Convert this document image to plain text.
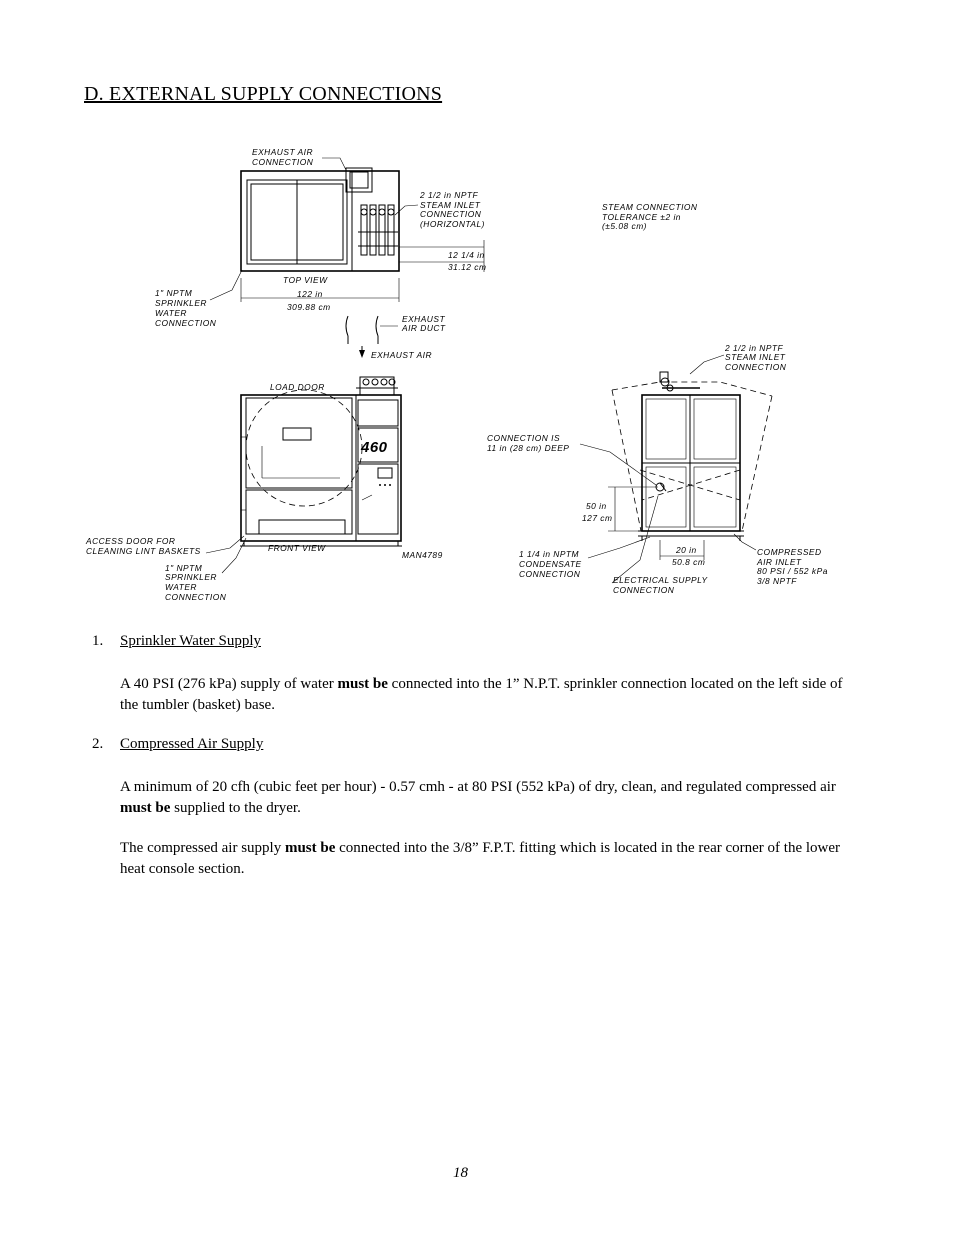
D. EXTERNAL SUPPLY CONNECTIONS
EXHAUST AIR
CONNECTION
2 1/2 in NPTF
STEAM INLET
CONNECTION
(HORIZONTAL)
12 1/4 in
31.12 cm
STEAM CONNECTION
TOLERANCE ±2 in
(±5.08 cm)
1" NPTM
SPRINKLER
WATER
CONNECTION
TOP VIEW
122 in
309.88 cm
EXHAUST
AIR DUCT
EXHAUST AIR
LOAD DOOR
460
ACCESS DOOR FOR
CLEANING LINT BASKETS	FRONT VIEW
MAN4789
1" NPTM
SPRINKLER
WATER
CONNECTION
2 1/2 in NPTF
STEAM INLET
CONNECTION
CONNECTION IS
11 in (28 cm) DEEP
50 in
127 cm
20 in
50.8 cm
1 1/4 in NPTM
CONDENSATE
CONNECTION
ELECTRICAL SUPPLY
CONNECTION
COMPRESSED
AIR INLET
80 PSI / 552 kPa
3/8 NPTF
1. Sprinkler Water Supply
A 40 PSI (276 kPa) supply of water must be connected into the 1” N.P.T. sprinkler connection located on the left side of the tumbler (basket) base.
2. Compressed Air Supply
A minimum of 20 cfh (cubic feet per hour) - 0.57 cmh - at 80 PSI (552 kPa) of dry, clean, and regulated compressed air must be supplied to the dryer.
The compressed air supply must be connected into the 3/8” F.P.T. fitting which is located in the rear corner of the lower heat console section.
18
